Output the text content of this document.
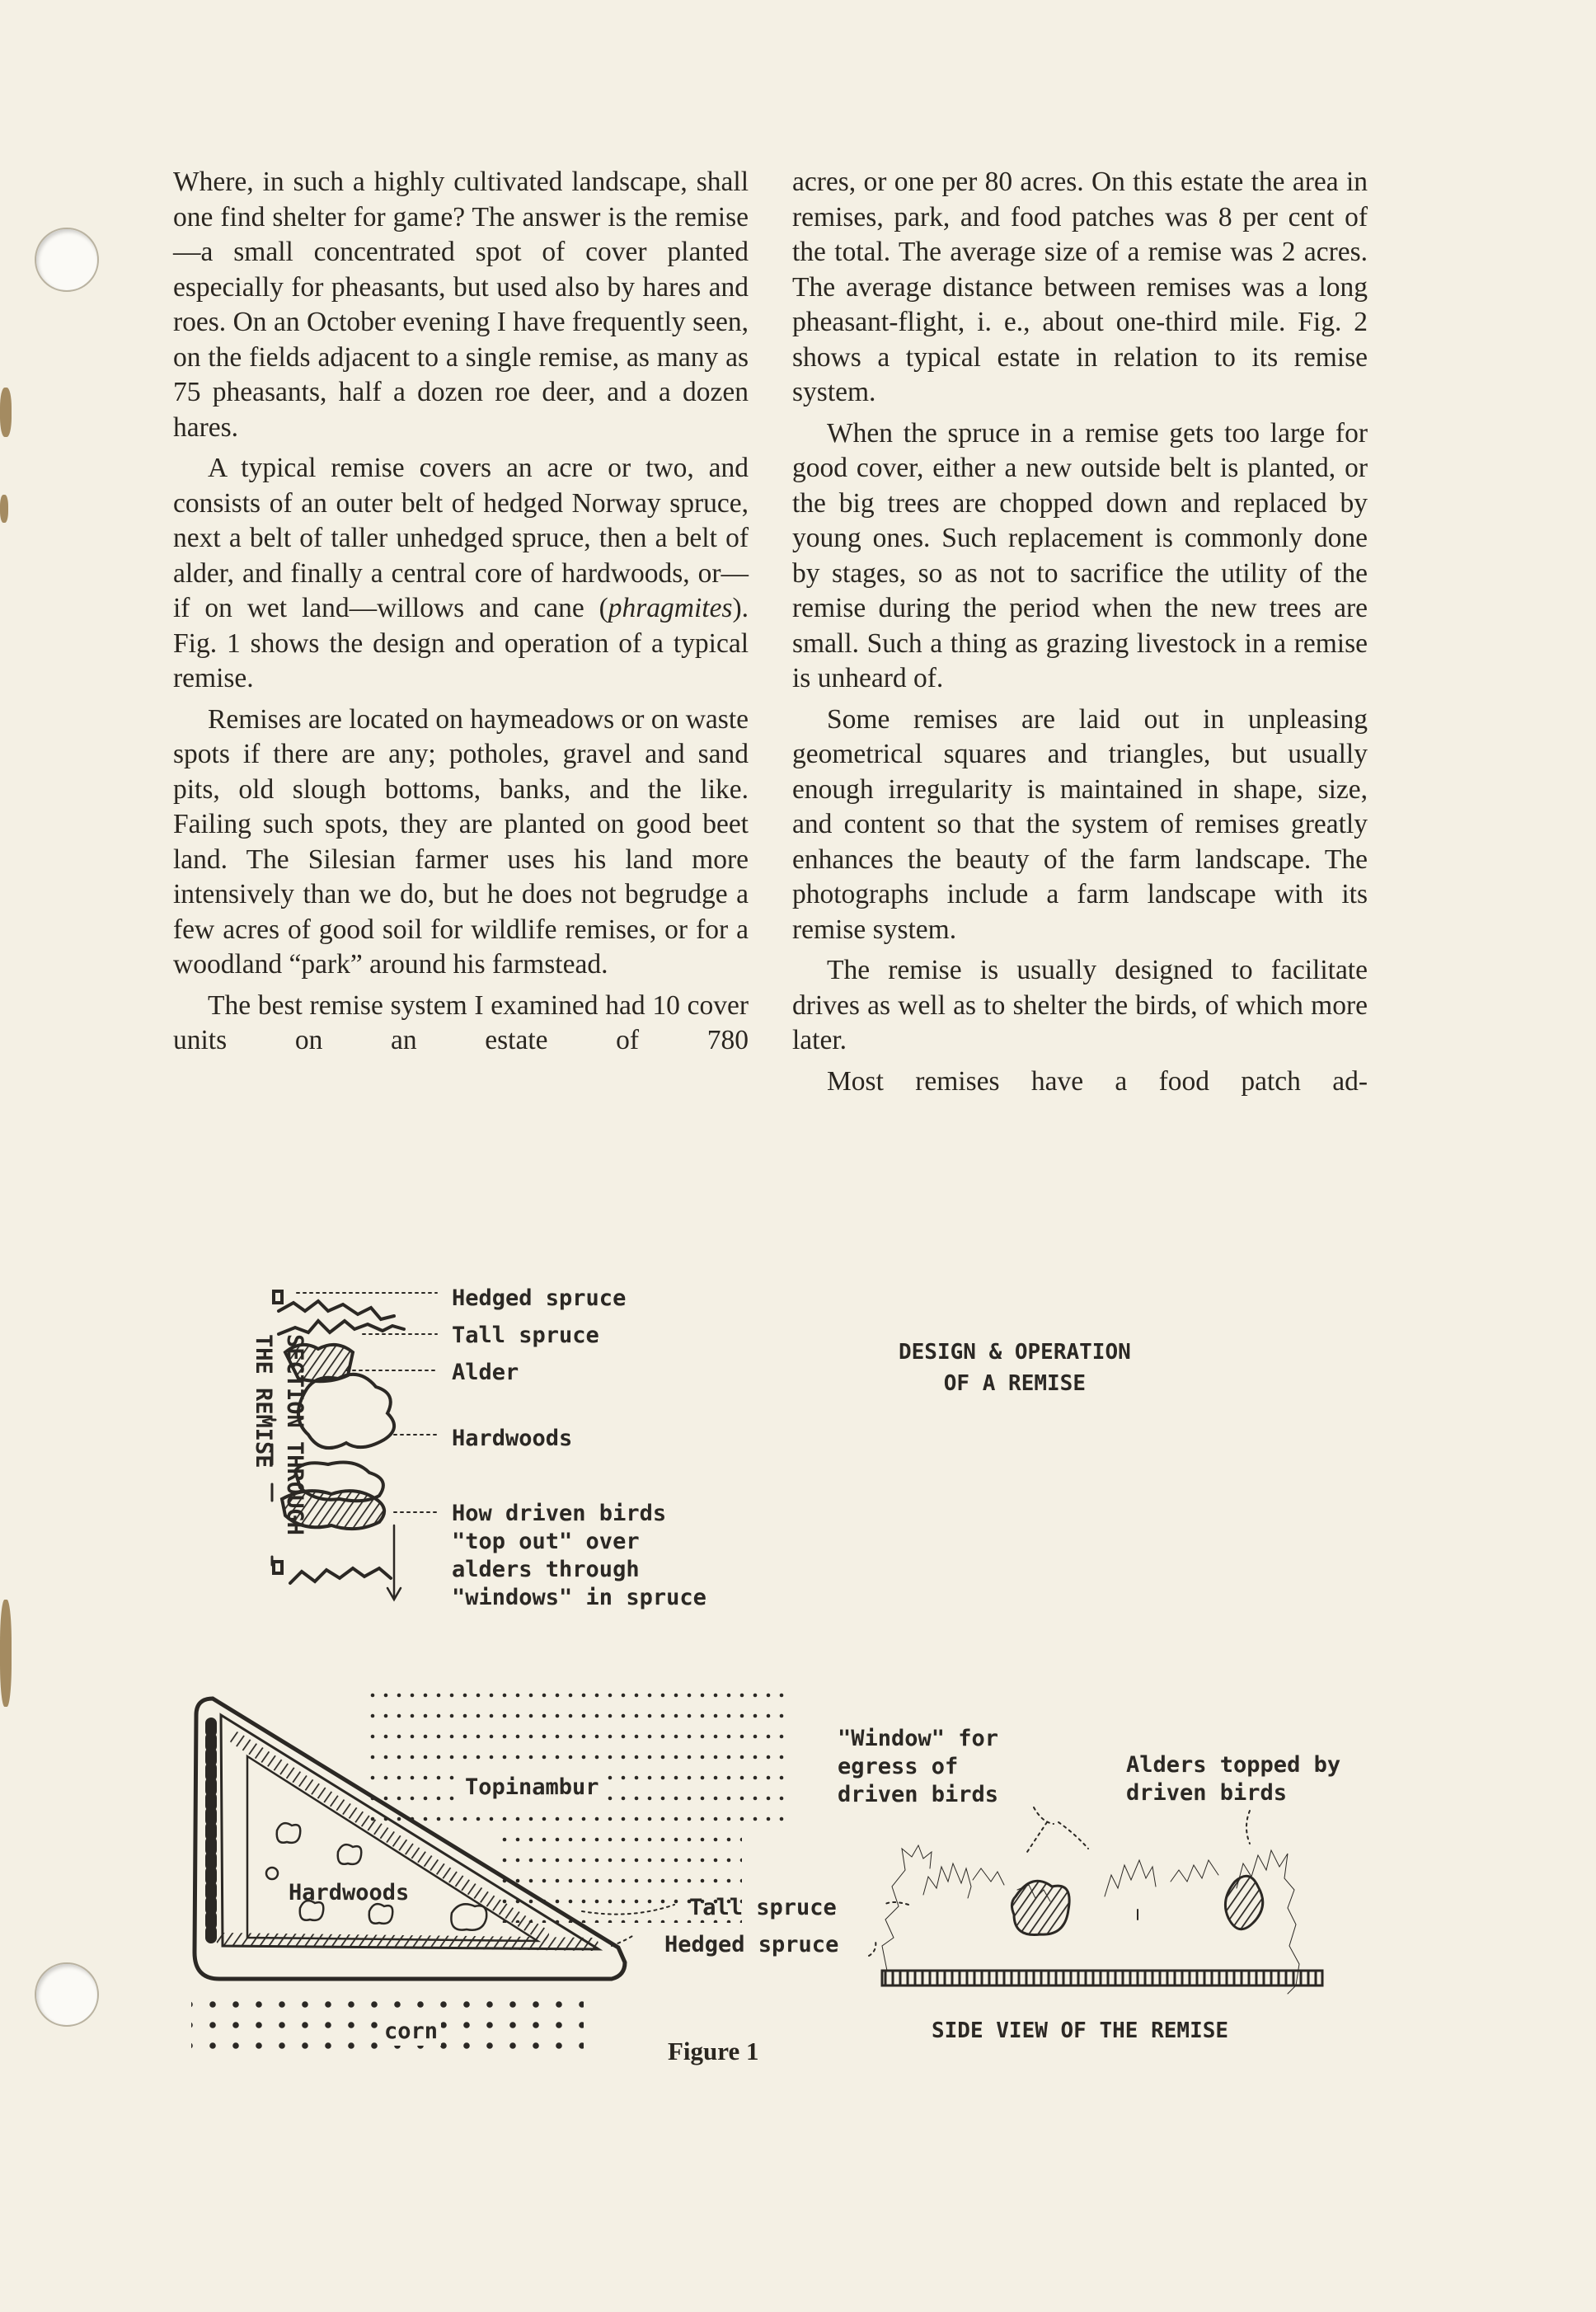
Where, in such a highly cultivated landscape, shall one find shelter for game? The answer is the remise—a small concentrated spot of cover planted especially for pheasants, but used also by hares and roes. On an October evening I have frequently seen, on the fields adjacent to a single remise, as many as 75 pheasants, half a dozen roe deer, and a dozen hares.

A typical remise covers an acre or two, and consists of an outer belt of hedged Norway spruce, next a belt of taller unhedged spruce, then a belt of alder, and finally a central core of hardwoods, or—if on wet land—willows and cane (phragmites). Fig. 1 shows the design and operation of a typical remise.

Remises are located on haymeadows or on waste spots if there are any; potholes, gravel and sand pits, old slough bottoms, banks, and the like. Failing such spots, they are planted on good beet land. The Silesian farmer uses his land more intensively than we do, but he does not begrudge a few acres of good soil for wildlife remises, or for a woodland “park” around his farmstead.

The best remise system I examined had 10 cover units on an estate of 780

acres, or one per 80 acres. On this estate the area in remises, park, and food patches was 8 per cent of the total. The average size of a remise was 2 acres. The average distance between remises was a long pheasant-flight, i. e., about one-third mile. Fig. 2 shows a typical estate in relation to its remise system.

When the spruce in a remise gets too large for good cover, either a new outside belt is planted, or the big trees are chopped down and replaced by young ones. Such replacement is commonly done by stages, so as not to sacrifice the utility of the remise during the period when the new trees are small. Such a thing as grazing livestock in a remise is unheard of.

Some remises are laid out in unpleasing geometrical squares and triangles, but usually enough irregularity is maintained in shape, size, and content so that the system of remises greatly enhances the beauty of the farm landscape. The photographs include a farm landscape with its remise system.

The remise is usually designed to facilitate drives as well as to shelter the birds, of which more later.

Most remises have a food patch ad-

Hedged spruce
Tall spruce
Alder
Hardwoods
How driven birds
"top out" over
alders through
"windows" in spruce
SECTION THROUGH
THE REMISE	DESIGN & OPERATION
OF A REMISE
Topinambur
Hardwoods
Tall spruce
Hedged spruce
corn
"Window" for
egress of
driven birds
Alders topped by
driven birds
SIDE VIEW OF THE REMISE
Figure 1
